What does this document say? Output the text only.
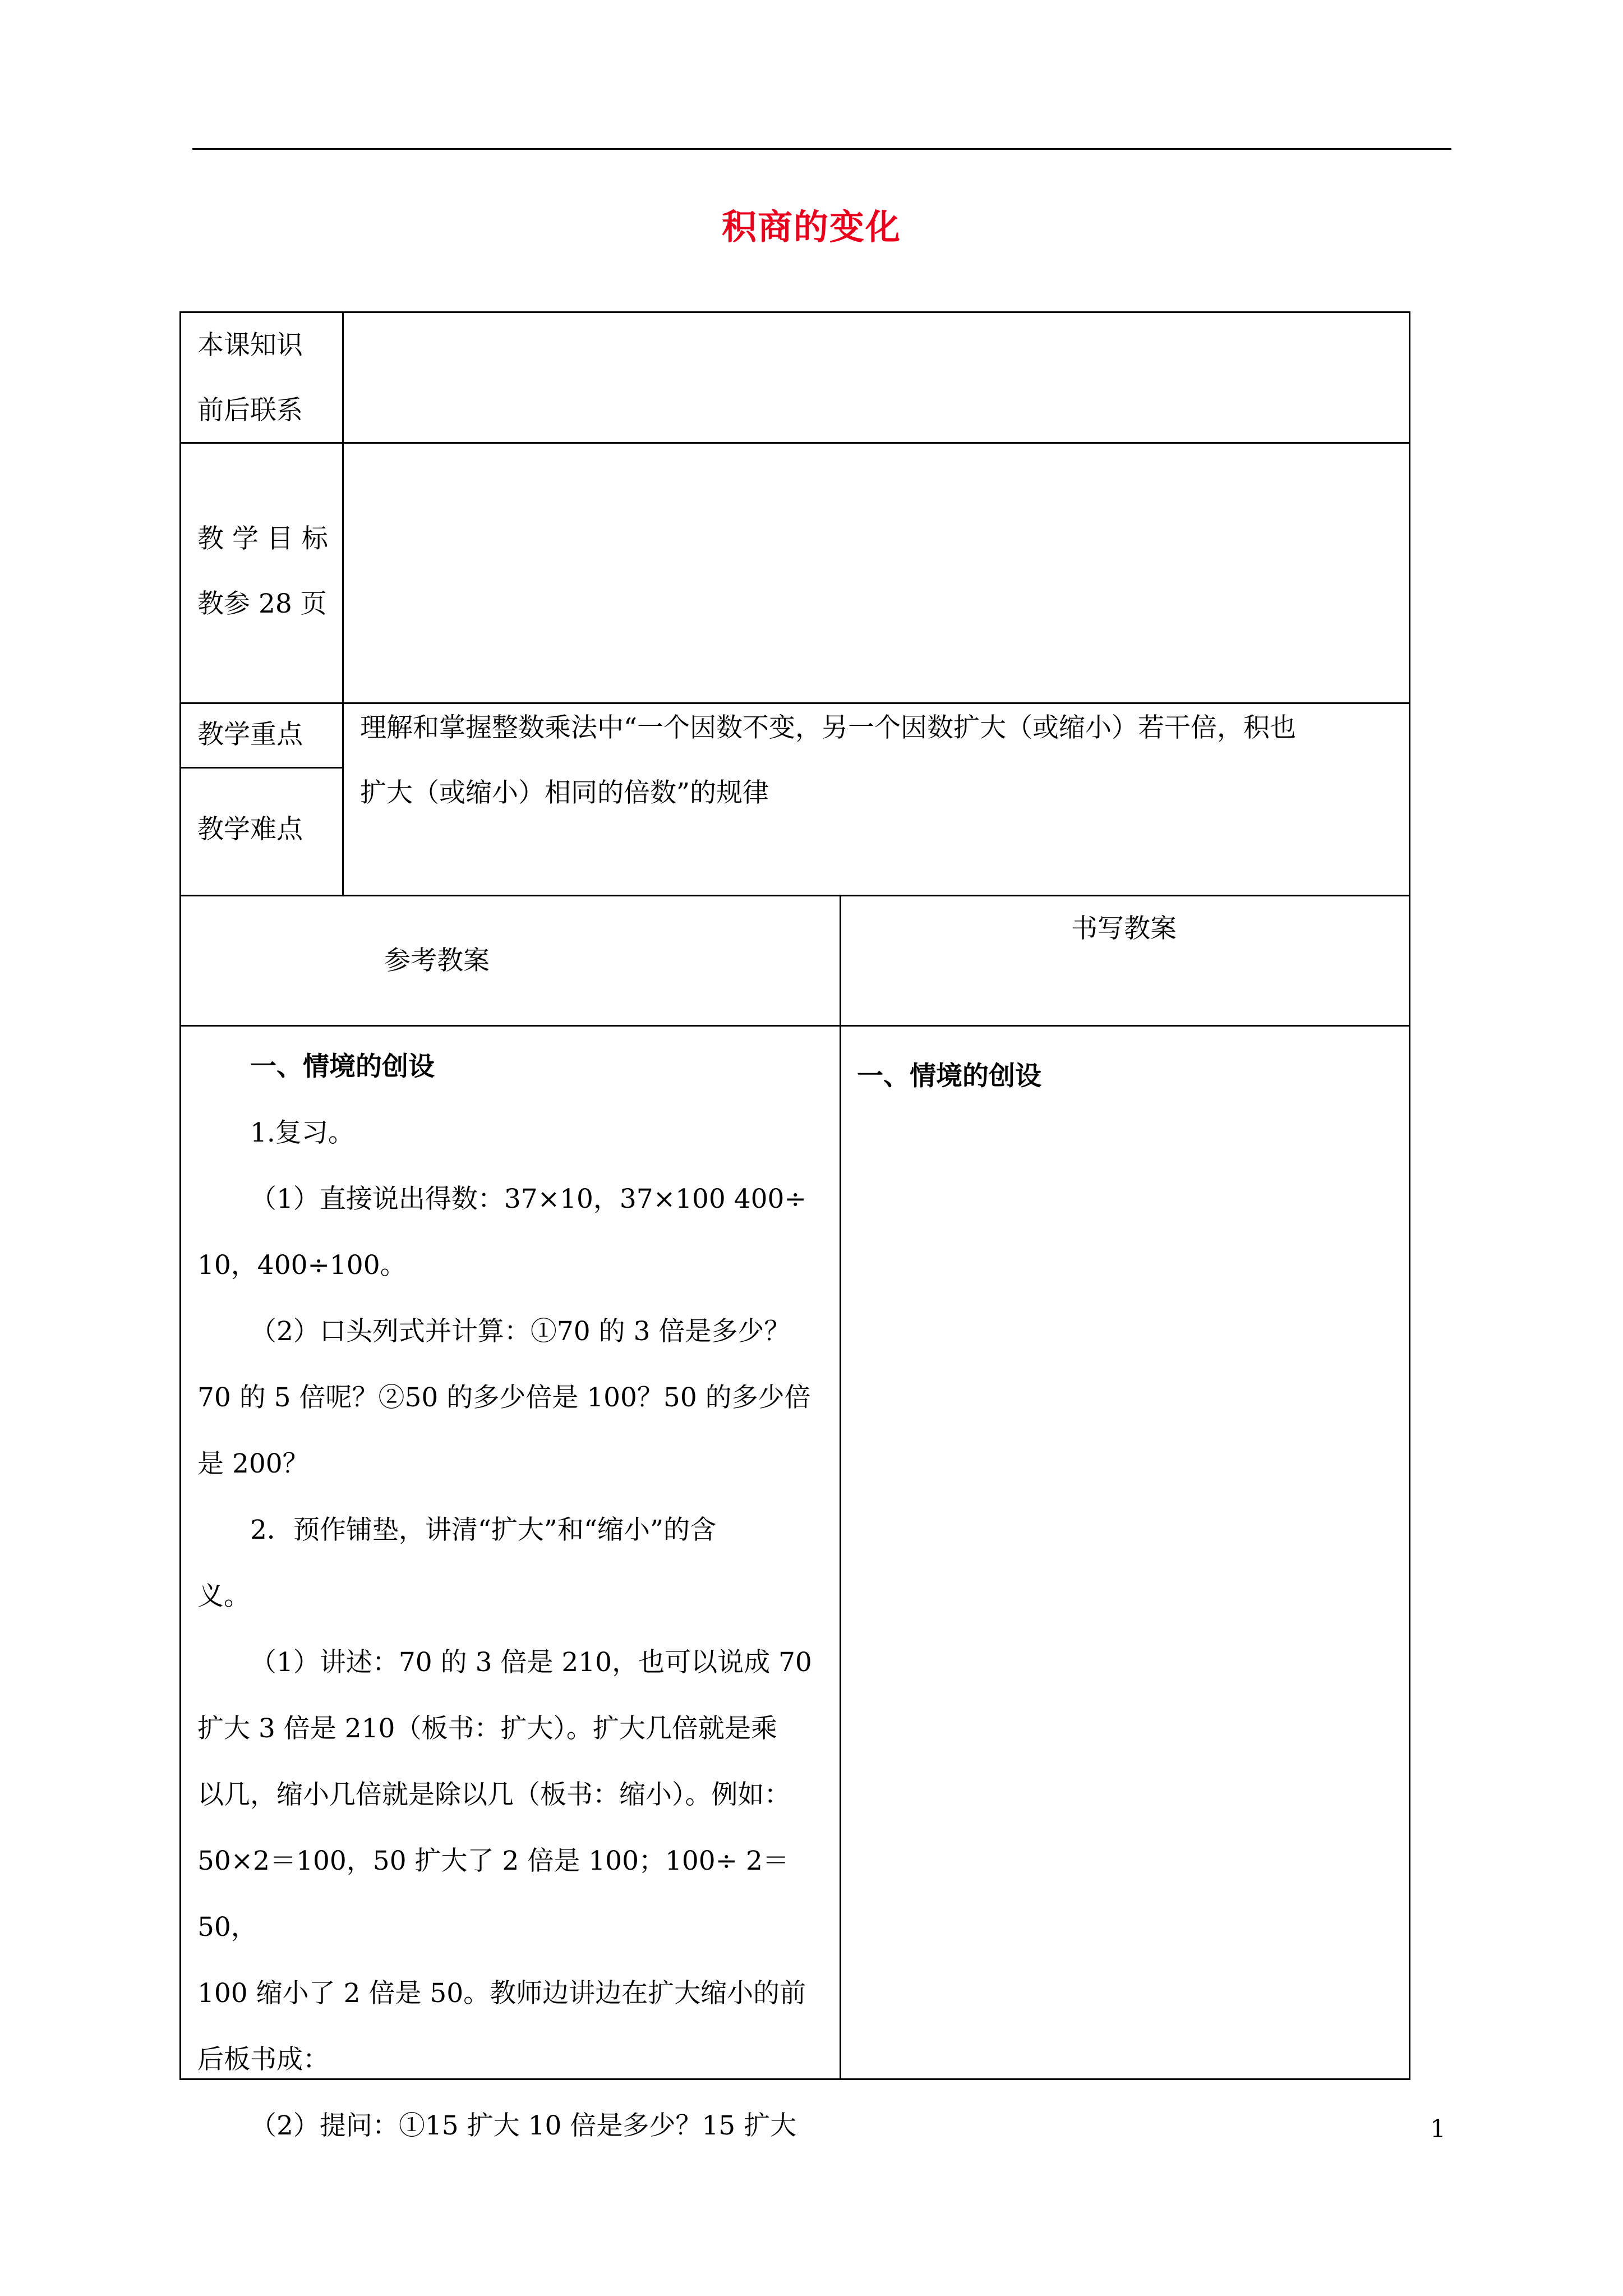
积商的变化
本课知识
前后联系
教 学 目 标
教参 28 页
教学重点
教学难点
理解和掌握整数乘法中“一个因数不变，另一个因数扩大（或缩小）若干倍，积也
扩大（或缩小）相同的倍数”的规律
参考教案
书写教案

一、情境的创设

1.复习。

（1）直接说出得数：37×10，37×100 400÷

10，400÷100。

（2）口头列式并计算：①70 的 3 倍是多少？

70 的 5 倍呢？②50 的多少倍是 100？50 的多少倍

是 200？

2．预作铺垫，讲清“扩大”和“缩小”的含

义。

（1）讲述：70 的 3 倍是 210，也可以说成 70

扩大 3 倍是 210（板书：扩大）。扩大几倍就是乘

以几，缩小几倍就是除以几（板书：缩小）。例如：

50×2＝100，50 扩大了 2 倍是 100；100÷ 2＝50，

100 缩小了 2 倍是 50。教师边讲边在扩大缩小的前

后板书成：

（2）提问：①15 扩大 10 倍是多少？15 扩大

一、情境的创设
1
